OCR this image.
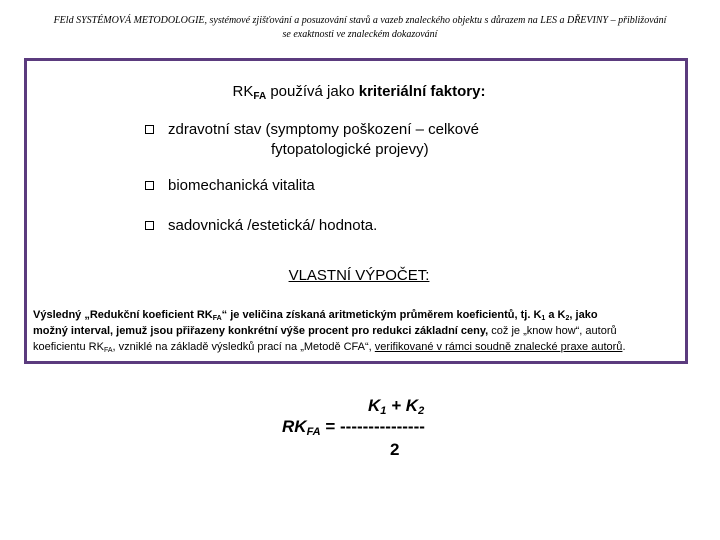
FEld SYSTÉMOVÁ METODOLOGIE, systémové zjišťování a posuzování stavů a vazeb znaleckého objektu s důrazem na LES a DŘEVINY – přibližování
se exaktnosti ve znaleckém dokazování
$RK_{FA}$ používá jako kriteriální faktory:
zdravotní stav (symptomy poškození – celkové
fytopatologické projevy)
biomechanická vitalita
sadovnická /estetická/ hodnota.
VLASTNÍ VÝPOČET:
Výsledný „Redukční koeficient RKFA“ je veličina získaná aritmetickým průměrem koeficientů, tj. K1 a K2, jako
možný interval, jemuž jsou přiřazeny konkrétní výše procent pro redukci základní ceny, což je „know how“, autorů
koeficientu RKFA, vzniklé na základě výsledků prací na „Metodě CFA“, verifikované v rámci soudně znalecké praxe autorů.
K1 + K2
RKFA = ---------------
2
